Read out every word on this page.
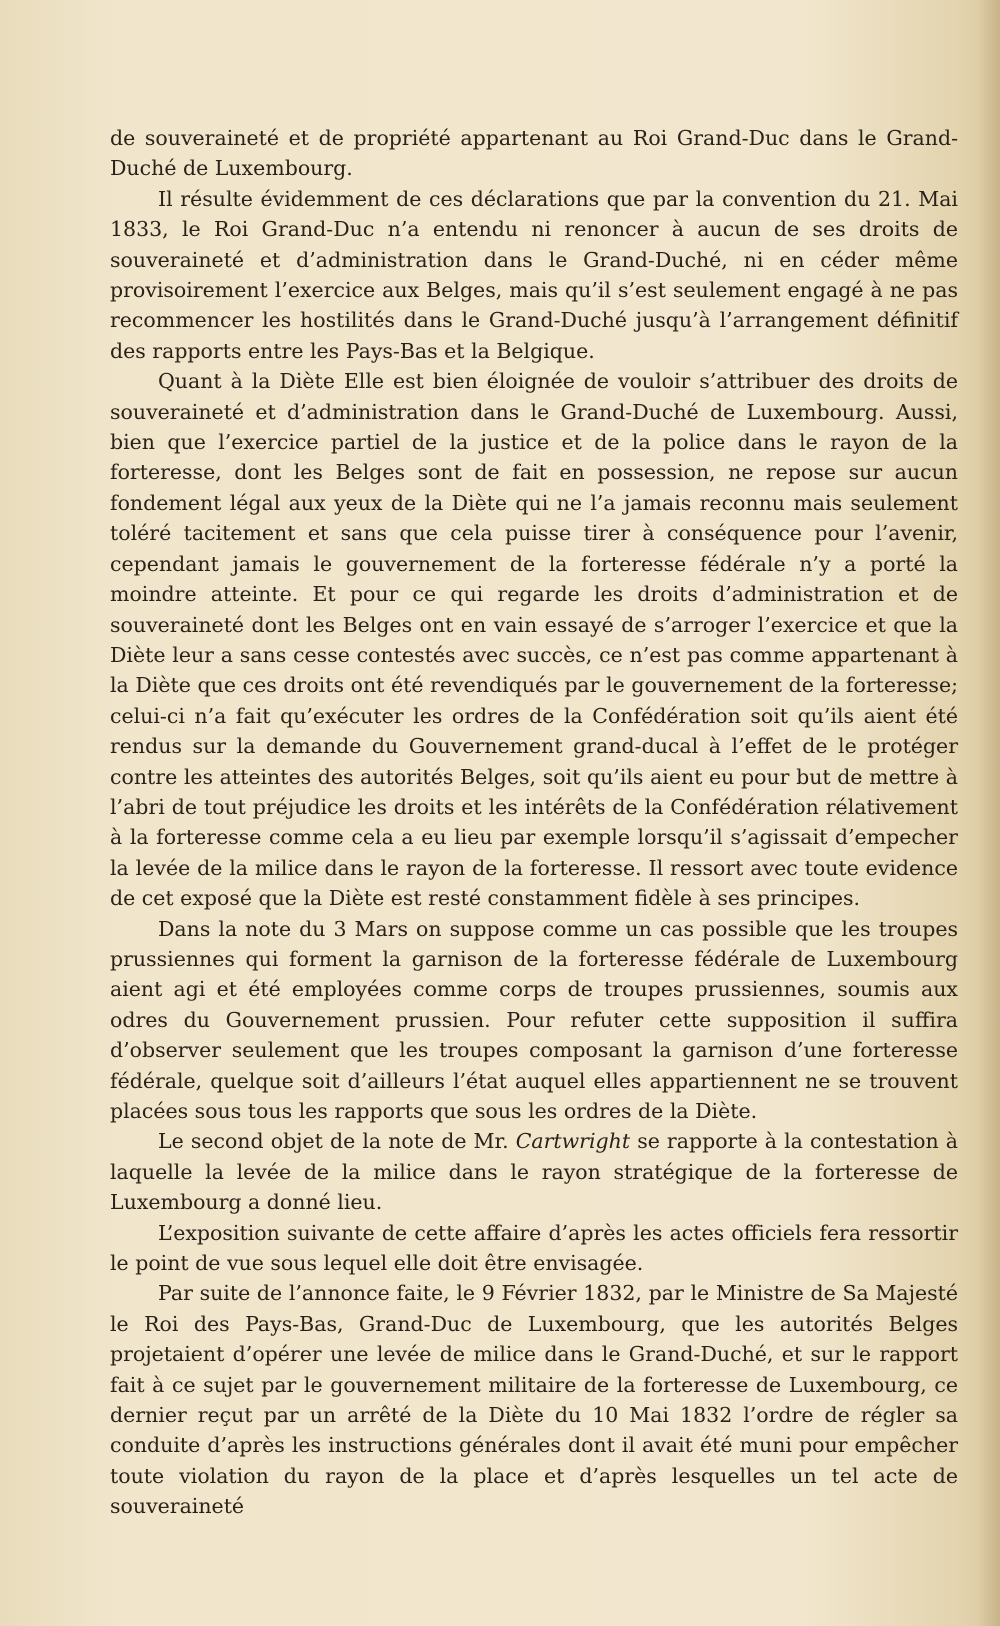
de souveraineté et de propriété appartenant au Roi Grand-Duc dans le Grand-Duché de Luxembourg.

Il résulte évidemment de ces déclarations que par la convention du 21. Mai 1833, le Roi Grand-Duc n’a entendu ni renoncer à aucun de ses droits de souveraineté et d’administration dans le Grand-Duché, ni en céder même provisoirement l’exercice aux Belges, mais qu’il s’est seulement engagé à ne pas recommencer les hostilités dans le Grand-Duché jusqu’à l’arrangement définitif des rapports entre les Pays-Bas et la Belgique.

Quant à la Diète Elle est bien éloignée de vouloir s’attribuer des droits de souveraineté et d’administration dans le Grand-Duché de Luxembourg. Aussi, bien que l’exercice partiel de la justice et de la police dans le rayon de la forteresse, dont les Belges sont de fait en possession, ne repose sur aucun fondement légal aux yeux de la Diète qui ne l’a jamais reconnu mais seulement toléré tacitement et sans que cela puisse tirer à conséquence pour l’avenir, cependant jamais le gouvernement de la forteresse fédérale n’y a porté la moindre atteinte. Et pour ce qui regarde les droits d’administration et de souveraineté dont les Belges ont en vain essayé de s’arroger l’exercice et que la Diète leur a sans cesse contestés avec succès, ce n’est pas comme appartenant à la Diète que ces droits ont été revendiqués par le gouvernement de la forteresse; celui-ci n’a fait qu’exécuter les ordres de la Confédération soit qu’ils aient été rendus sur la demande du Gouvernement grand-ducal à l’effet de le protéger contre les atteintes des autorités Belges, soit qu’ils aient eu pour but de mettre à l’abri de tout préjudice les droits et les intérêts de la Confédération rélativement à la forteresse comme cela a eu lieu par exemple lorsqu’il s’agissait d’empecher la levée de la milice dans le rayon de la forteresse. Il ressort avec toute evidence de cet exposé que la Diète est resté constamment fidèle à ses principes.

Dans la note du 3 Mars on suppose comme un cas possible que les troupes prussiennes qui forment la garnison de la forteresse fédérale de Luxembourg aient agi et été employées comme corps de troupes prussiennes, soumis aux odres du Gouvernement prussien. Pour refuter cette supposition il suffira d’observer seulement que les troupes composant la garnison d’une forteresse fédérale, quelque soit d’ailleurs l’état auquel elles appartiennent ne se trouvent placées sous tous les rapports que sous les ordres de la Diète.

Le second objet de la note de Mr. Cartwright se rapporte à la contestation à laquelle la levée de la milice dans le rayon stratégique de la forteresse de Luxembourg a donné lieu.

L’exposition suivante de cette affaire d’après les actes officiels fera ressortir le point de vue sous lequel elle doit être envisagée.

Par suite de l’annonce faite, le 9 Février 1832, par le Ministre de Sa Majesté le Roi des Pays-Bas, Grand-Duc de Luxembourg, que les autorités Belges projetaient d’opérer une levée de milice dans le Grand-Duché, et sur le rapport fait à ce sujet par le gouvernement militaire de la forteresse de Luxembourg, ce dernier reçut par un arrêté de la Diète du 10 Mai 1832 l’ordre de régler sa conduite d’après les instructions générales dont il avait été muni pour empêcher toute violation du rayon de la place et d’après lesquelles un tel acte de souveraineté
